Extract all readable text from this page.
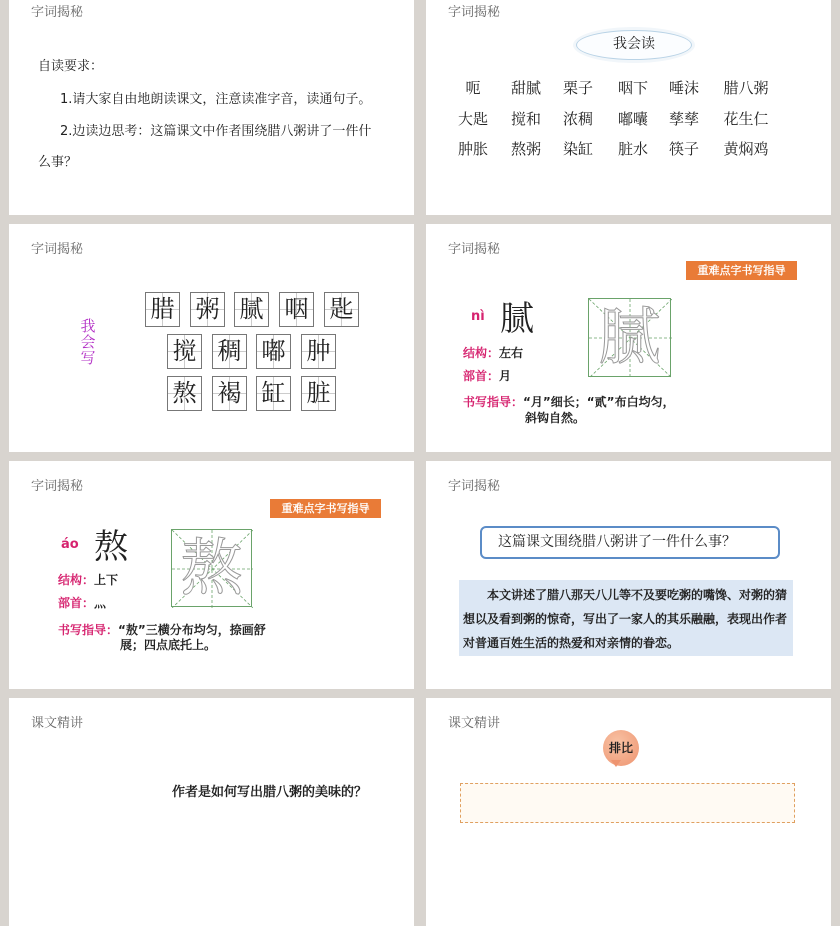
字词揭秘
自读要求：
1.请大家自由地朗读课文，注意读准字音，读通句子。
2.边读边思考：这篇课文中作者围绕腊八粥讲了一件什
么事？
字词揭秘
我会读
呃 甜腻 栗子 咽下 唾沫 腊八粥
大匙 搅和 浓稠 嘟囔 孳孳 花生仁
肿胀 熬粥 染缸 脏水 筷子 黄焖鸡
字词揭秘
我会写
腊 粥 腻 咽 匙
搅 稠 嘟 肿
熬 褐 缸 脏
字词揭秘
重难点字书写指导
nì 腻 腻
结构：左右
部首：月
书写指导：“月”细长；“贰”布白均匀，
斜钩自然。
字词揭秘
重难点字书写指导
áo 熬 熬
结构：上下
部首：灬
书写指导：“敖”三横分布均匀，捺画舒
展；四点底托上。
字词揭秘
这篇课文围绕腊八粥讲了一件什么事？
本文讲述了腊八那天八儿等不及要吃粥的嘴馋、对粥的猜想以及看到粥的惊奇，写出了一家人的其乐融融，表现出作者对普通百姓生活的热爱和对亲情的眷恋。
课文精讲
作者是如何写出腊八粥的美味的？
课文精讲
排比
